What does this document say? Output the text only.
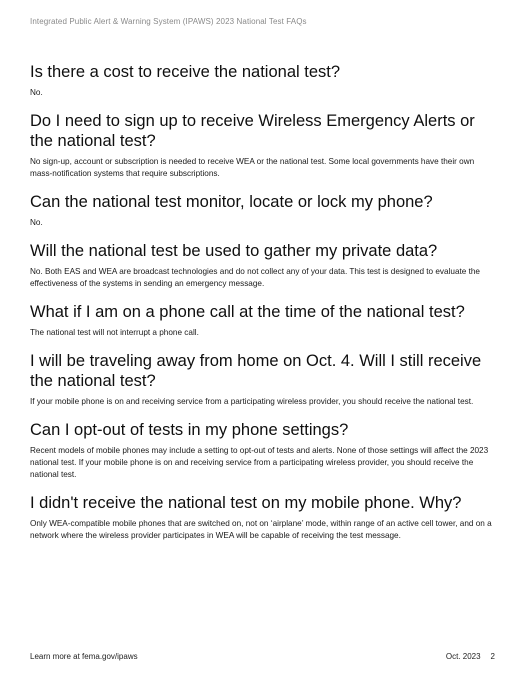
Integrated Public Alert & Warning System (IPAWS) 2023 National Test FAQs
Is there a cost to receive the national test?

No.

Do I need to sign up to receive Wireless Emergency Alerts or the national test?

No sign-up, account or subscription is needed to receive WEA or the national test. Some local governments have their own mass-notification systems that require subscriptions.

Can the national test monitor, locate or lock my phone?

No.

Will the national test be used to gather my private data?

No. Both EAS and WEA are broadcast technologies and do not collect any of your data. This test is designed to evaluate the effectiveness of the systems in sending an emergency message.

What if I am on a phone call at the time of the national test?

The national test will not interrupt a phone call.

I will be traveling away from home on Oct. 4. Will I still receive the national test?

If your mobile phone is on and receiving service from a participating wireless provider, you should receive the national test.

Can I opt-out of tests in my phone settings?

Recent models of mobile phones may include a setting to opt-out of tests and alerts. None of those settings will affect the 2023 national test. If your mobile phone is on and receiving service from a participating wireless provider, you should receive the national test.

I didn't receive the national test on my mobile phone. Why?

Only WEA-compatible mobile phones that are switched on, not on ‘airplane’ mode, within range of an active cell tower, and on a network where the wireless provider participates in WEA will be capable of receiving the test message.

Learn more at fema.gov/ipaws	Oct. 2023 2
